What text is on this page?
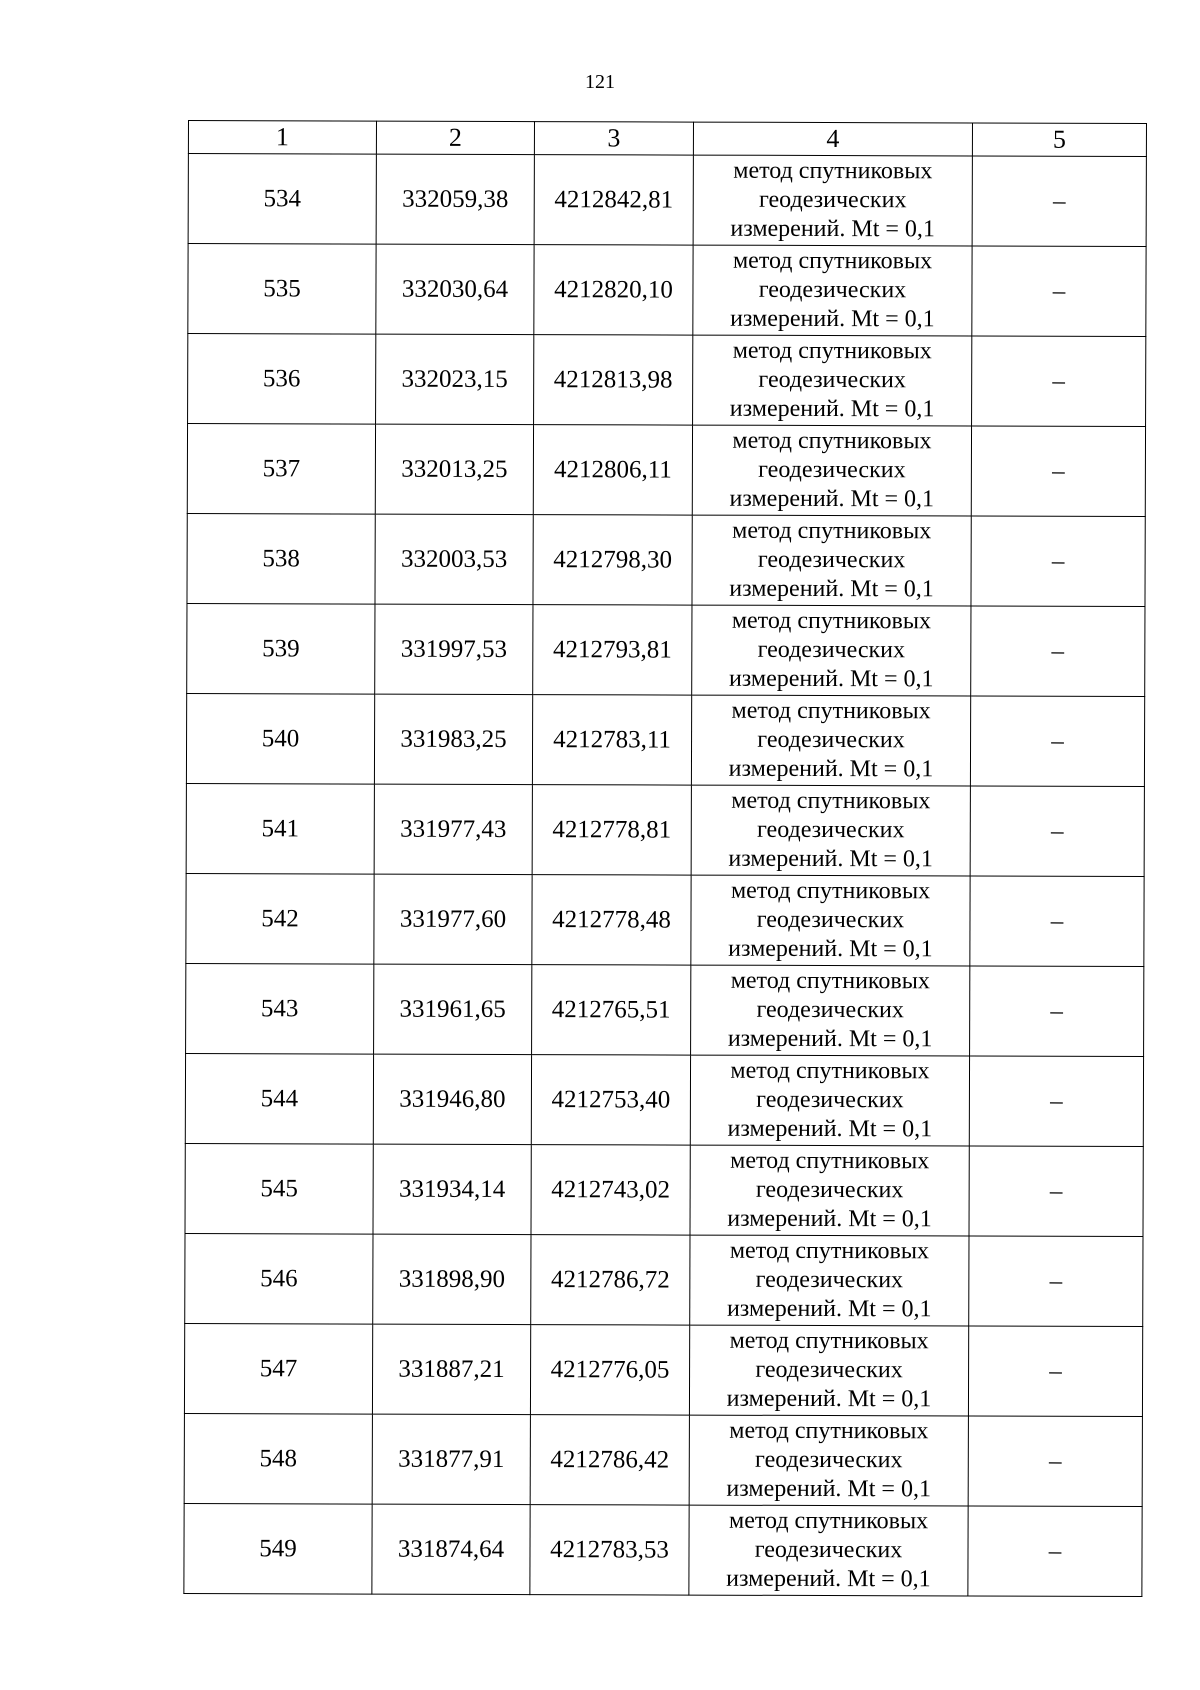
121
1	2	3	4	5
534	332059,38	4212842,81	метод спутниковых
геодезических
измерений. Mt = 0,1	–
535	332030,64	4212820,10	метод спутниковых
геодезических
измерений. Mt = 0,1	–
536	332023,15	4212813,98	метод спутниковых
геодезических
измерений. Mt = 0,1	–
537	332013,25	4212806,11	метод спутниковых
геодезических
измерений. Mt = 0,1	–
538	332003,53	4212798,30	метод спутниковых
геодезических
измерений. Mt = 0,1	–
539	331997,53	4212793,81	метод спутниковых
геодезических
измерений. Mt = 0,1	–
540	331983,25	4212783,11	метод спутниковых
геодезических
измерений. Mt = 0,1	–
541	331977,43	4212778,81	метод спутниковых
геодезических
измерений. Mt = 0,1	–
542	331977,60	4212778,48	метод спутниковых
геодезических
измерений. Mt = 0,1	–
543	331961,65	4212765,51	метод спутниковых
геодезических
измерений. Mt = 0,1	–
544	331946,80	4212753,40	метод спутниковых
геодезических
измерений. Mt = 0,1	–
545	331934,14	4212743,02	метод спутниковых
геодезических
измерений. Mt = 0,1	–
546	331898,90	4212786,72	метод спутниковых
геодезических
измерений. Mt = 0,1	–
547	331887,21	4212776,05	метод спутниковых
геодезических
измерений. Mt = 0,1	–
548	331877,91	4212786,42	метод спутниковых
геодезических
измерений. Mt = 0,1	–
549	331874,64	4212783,53	метод спутниковых
геодезических
измерений. Mt = 0,1	–
